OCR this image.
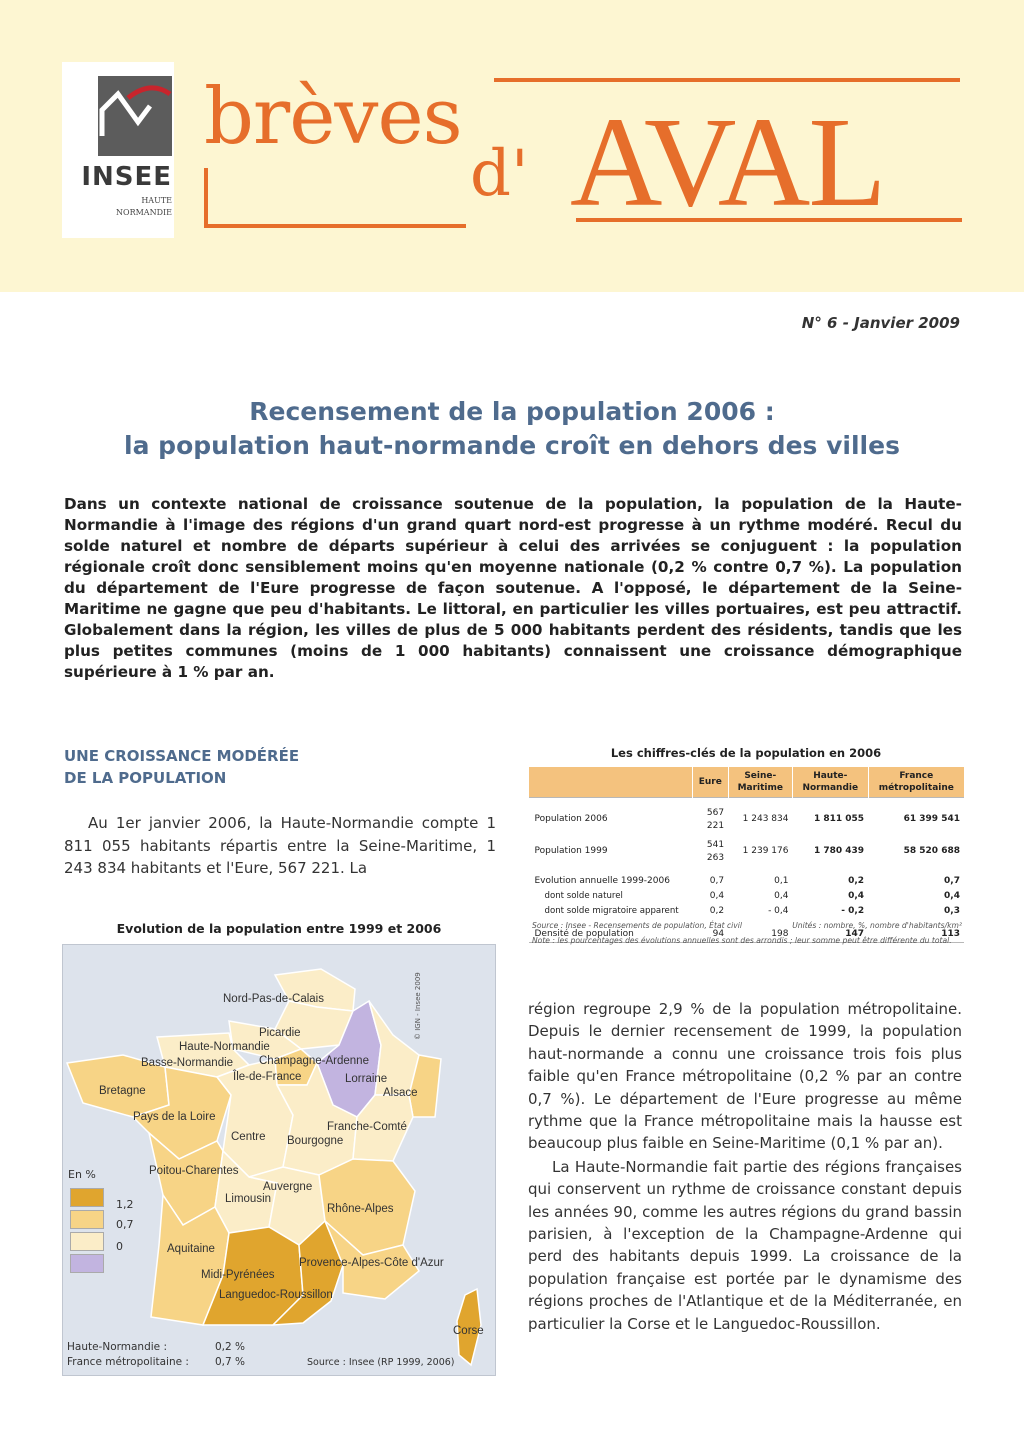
INSEE
HAUTE
NORMANDIE
brèves
d' AVAL
N° 6 - Janvier 2009
Recensement de la population 2006 :
la population haut-normande croît en dehors des villes
Dans un contexte national de croissance soutenue de la population, la population de la Haute-Normandie à l'image des régions d'un grand quart nord-est progresse à un rythme modéré. Recul du solde naturel et nombre de départs supérieur à celui des arrivées se conjuguent : la population régionale croît donc sensiblement moins qu'en moyenne nationale (0,2 % contre 0,7 %). La population du département de l'Eure progresse de façon soutenue. A l'opposé, le département de la Seine-Maritime ne gagne que peu d'habitants. Le littoral, en particulier les villes portuaires, est peu attractif. Globalement dans la région, les villes de plus de 5 000 habitants perdent des résidents, tandis que les plus petites communes (moins de 1 000 habitants) connaissent une croissance démographique supérieure à 1 % par an.
UNE CROISSANCE MODÉRÉE
DE LA POPULATION
Au 1er janvier 2006, la Haute-Normandie compte 1 811 055 habitants répartis entre la Seine-Maritime, 1 243 834 habitants et l'Eure, 567 221. La
Les chiffres-clés de la population en 2006
	Eure	Seine-Maritime	Haute-Normandie	France métropolitaine

Population 2006	567 221	1 243 834	1 811 055	61 399 541

Population 1999	541 263	1 239 176	1 780 439	58 520 688

Evolution annuelle 1999-2006	0,7	0,1	0,2	0,7
dont solde naturel	0,4	0,4	0,4	0,4
dont solde migratoire apparent	0,2	- 0,4	- 0,2	0,3

Densité de population	94	198	147	113
Source : Insee - Recensements de population, État civil	Unités : nombre, %, nombre d'habitants/km²
Note : les pourcentages des évolutions annuelles sont des arrondis ; leur somme peut être différente du total.
Evolution de la population entre 1999 et 2006
Nord-Pas-de-Calais
Picardie
Haute-Normandie
Basse-Normandie Champagne-Ardenne
Île-de-France	Lorraine
Alsace
Bretagne
Pays de la Loire
Centre Bourgogne
Franche-Comté
Poitou-Charentes
Auvergne
Limousin
Rhône-Alpes
Aquitaine
Provence-Alpes-Côte d'Azur
Midi-Pyrénées
Languedoc-Roussillon
Corse
Haute-Normandie :	0,2 %
France métropolitaine : 0,7 %	Source : Insee (RP 1999, 2006)
© IGN - Insee 2009
En %
1,2
0,7
0

région regroupe 2,9 % de la population métropolitaine. Depuis le dernier recensement de 1999, la population haut-normande a connu une croissance trois fois plus faible qu'en France métropolitaine (0,2 % par an contre 0,7 %). Le département de l'Eure progresse au même rythme que la France métropolitaine mais la hausse est beaucoup plus faible en Seine-Maritime (0,1 % par an).

La Haute-Normandie fait partie des régions françaises qui conservent un rythme de croissance constant depuis les années 90, comme les autres régions du grand bassin parisien, à l'exception de la Champagne-Ardenne qui perd des habitants depuis 1999. La croissance de la population française est portée par le dynamisme des régions proches de l'Atlantique et de la Méditerranée, en particulier la Corse et le Languedoc-Roussillon.
